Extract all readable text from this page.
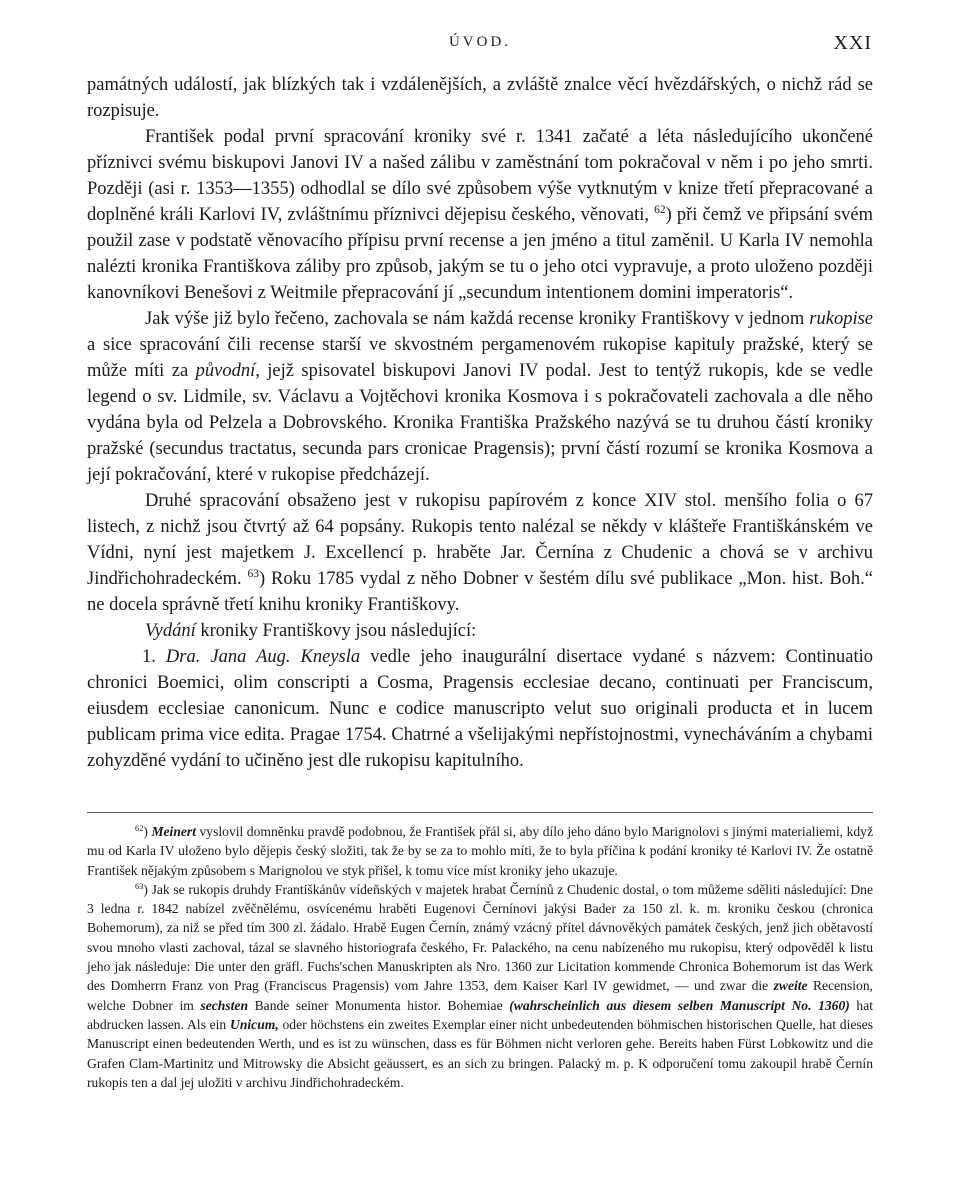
ÚVOD.	XXI

památných událostí, jak blízkých tak i vzdálenějších, a zvláště znalce věcí hvězdářských, o nichž rád se rozpisuje.

František podal první spracování kroniky své r. 1341 začaté a léta následujícího ukončené příznivci svému biskupovi Janovi IV a našed zálibu v zaměstnání tom pokračoval v něm i po jeho smrti. Později (asi r. 1353—1355) odhodlal se dílo své způsobem výše vytknutým v knize třetí přepracované a doplněné králi Karlovi IV, zvláštnímu příznivci dějepisu českého, věnovati, $^{62}$) při čemž ve připsání svém použil zase v podstatě věnovacího přípisu první recense a jen jméno a titul zaměnil. U Karla IV nemohla nalézti kronika Františkova záliby pro způsob, jakým se tu o jeho otci vypravuje, a proto uloženo později kanovníkovi Benešovi z Weitmile přepracování jí „secundum intentionem domini imperatoris“.

Jak výše již bylo řečeno, zachovala se nám každá recense kroniky Františkovy v jednom rukopise a sice spracování čili recense starší ve skvostném pergamenovém rukopise kapituly pražské, který se může míti za původní, jejž spisovatel biskupovi Janovi IV podal. Jest to tentýž rukopis, kde se vedle legend o sv. Lidmile, sv. Václavu a Vojtěchovi kronika Kosmova i s pokračovateli zachovala a dle něho vydána byla od Pelzela a Dobrovského. Kronika Františka Pražského nazývá se tu druhou částí kroniky pražské (secundus tractatus, secunda pars cronicae Pragensis); první částí rozumí se kronika Kosmova a její pokračování, které v rukopise předcházejí.

Druhé spracování obsaženo jest v rukopisu papírovém z konce XIV stol. menšího folia o 67 listech, z nichž jsou čtvrtý až 64 popsány. Rukopis tento nalézal se někdy v klášteře Františkánském ve Vídni, nyní jest majetkem J. Excellencí p. hraběte Jar. Černína z Chudenic a chová se v archivu Jindřichohradeckém. $^{63}$) Roku 1785 vydal z něho Dobner v šestém dílu své publikace „Mon. hist. Boh.“ ne docela správně třetí knihu kroniky Františkovy.

Vydání kroniky Františkovy jsou následující:

1. Dra. Jana Aug. Kneysla vedle jeho inaugurální disertace vydané s názvem: Continuatio chronici Boemici, olim conscripti a Cosma, Pragensis ecclesiae decano, continuati per Franciscum, eiusdem ecclesiae canonicum. Nunc e codice manuscripto velut suo originali producta et in lucem publicam prima vice edita. Pragae 1754. Chatrné a všelijakými nepřístojnostmi, vynecháváním a chybami zohyzděné vydání to učiněno jest dle rukopisu kapitulního.

$^{62}$) Meinert vyslovil domněnku pravdě podobnou, že František přál si, aby dílo jeho dáno bylo Marignolovi s jinými materialiemi, když mu od Karla IV uloženo bylo dějepis český složiti, tak že by se za to mohlo míti, že to byla příčina k podání kroniky té Karlovi IV. Že ostatně František nějakým způsobem s Marignolou ve styk přišel, k tomu více míst kroniky jeho ukazuje.

$^{63}$) Jak se rukopis druhdy Františkánův vídeňských v majetek hrabat Černínů z Chudenic dostal, o tom můžeme sděliti následující: Dne 3 ledna r. 1842 nabízel zvěčnělému, osvícenému hraběti Eugenovi Černínovi jakýsi Bader za 150 zl. k. m. kroniku českou (chronica Bohemorum), za niž se před tím 300 zl. žádalo. Hrabě Eugen Černín, známý vzácný přítel dávnověkých památek českých, jenž jich obětavostí svou mnoho vlasti zachoval, tázal se slavného historiografa českého, Fr. Palackého, na cenu nabízeného mu rukopisu, který odpověděl k listu jeho jak následuje: Die unter den gräfl. Fuchs'schen Manuskripten als Nro. 1360 zur Licitation kommende Chronica Bohemorum ist das Werk des Domherrn Franz von Prag (Franciscus Pragensis) vom Jahre 1353, dem Kaiser Karl IV gewidmet, — und zwar die zweite Recension, welche Dobner im sechsten Bande seiner Monumenta histor. Bohemiae (wahrscheinlich aus diesem selben Manuscript No. 1360) hat abdrucken lassen. Als ein Unicum, oder höchstens ein zweites Exemplar einer nicht unbedeutenden böhmischen historischen Quelle, hat dieses Manuscript einen bedeutenden Werth, und es ist zu wünschen, dass es für Böhmen nicht verloren gehe. Bereits haben Fürst Lobkowitz und die Grafen Clam-Martinitz und Mitrowsky die Absicht geäussert, es an sich zu bringen. Palacký m. p. K odporučení tomu zakoupil hrabě Černín rukopis ten a dal jej uložiti v archivu Jindřichohradeckém.
